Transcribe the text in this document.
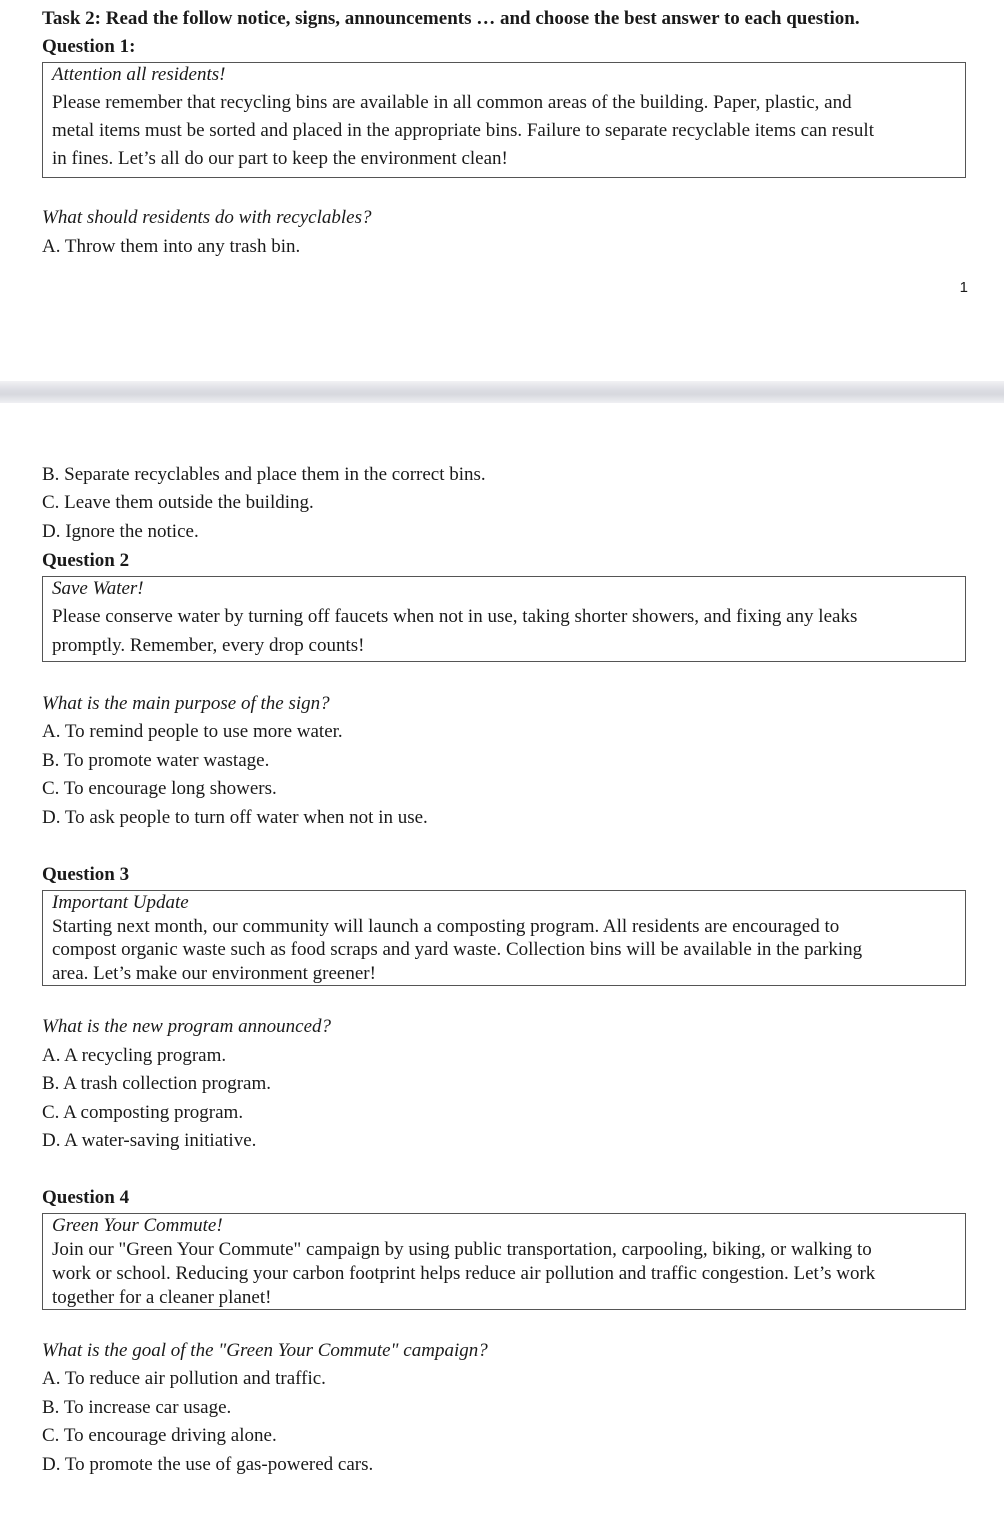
Task 2: Read the follow notice, signs, announcements … and choose the best answer to each question.
Question 1:
Attention all residents!
Please remember that recycling bins are available in all common areas of the building. Paper, plastic, and
metal items must be sorted and placed in the appropriate bins. Failure to separate recyclable items can result
in fines. Let’s all do our part to keep the environment clean!
What should residents do with recyclables?
A. Throw them into any trash bin.
1
B. Separate recyclables and place them in the correct bins.
C. Leave them outside the building.
D. Ignore the notice.
Question 2
Save Water!
Please conserve water by turning off faucets when not in use, taking shorter showers, and fixing any leaks
promptly. Remember, every drop counts!
What is the main purpose of the sign?
A. To remind people to use more water.
B. To promote water wastage.
C. To encourage long showers.
D. To ask people to turn off water when not in use.
Question 3
Important Update
Starting next month, our community will launch a composting program. All residents are encouraged to
compost organic waste such as food scraps and yard waste. Collection bins will be available in the parking
area. Let’s make our environment greener!
What is the new program announced?
A. A recycling program.
B. A trash collection program.
C. A composting program.
D. A water-saving initiative.
Question 4
Green Your Commute!
Join our "Green Your Commute" campaign by using public transportation, carpooling, biking, or walking to
work or school. Reducing your carbon footprint helps reduce air pollution and traffic congestion. Let’s work
together for a cleaner planet!
What is the goal of the "Green Your Commute" campaign?
A. To reduce air pollution and traffic.
B. To increase car usage.
C. To encourage driving alone.
D. To promote the use of gas-powered cars.
